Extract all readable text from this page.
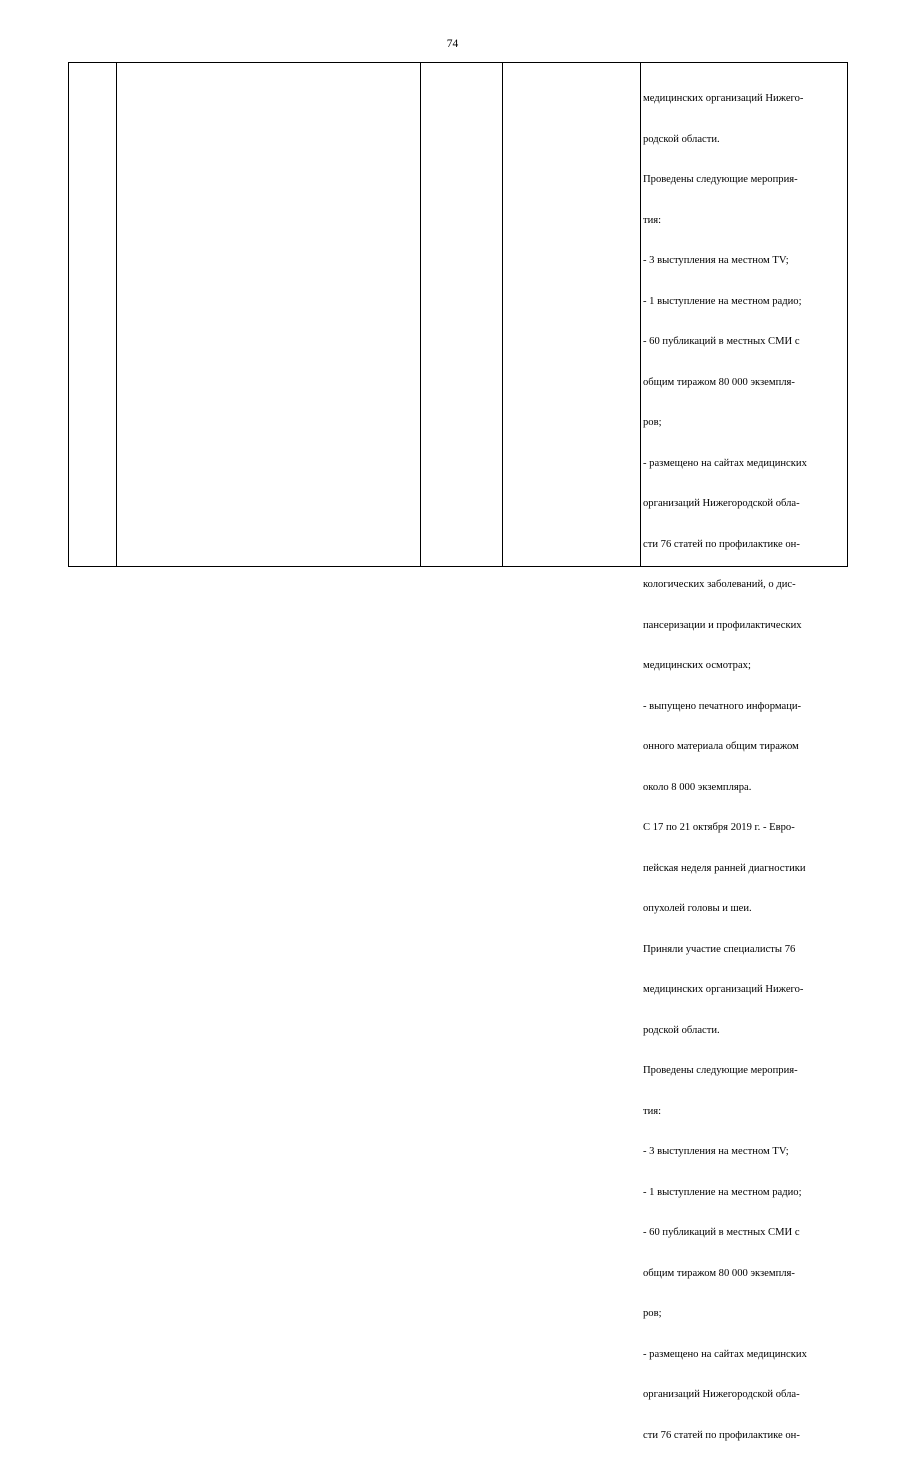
74

медицинских организаций Нижего-

родской области.

Проведены следующие мероприя-

тия:

- 3 выступления на местном TV;

- 1 выступление на местном радио;

- 60 публикаций в местных СМИ с

общим тиражом 80 000 экземпля-

ров;

- размещено на сайтах медицинских

организаций Нижегородской обла-

сти 76 статей по профилактике он-

кологических заболеваний, о дис-

пансеризации и профилактических

медицинских осмотрах;

- выпущено печатного информаци-

онного материала общим тиражом

около 8 000 экземпляра.

С 17 по 21 октября 2019 г. - Евро-

пейская неделя ранней диагностики

опухолей головы и шеи.

Приняли участие специалисты 76

медицинских организаций Нижего-

родской области.

Проведены следующие мероприя-

тия:

- 3 выступления на местном TV;

- 1 выступление на местном радио;

- 60 публикаций в местных СМИ с

общим тиражом 80 000 экземпля-

ров;

- размещено на сайтах медицинских

организаций Нижегородской обла-

сти 76 статей по профилактике он-
